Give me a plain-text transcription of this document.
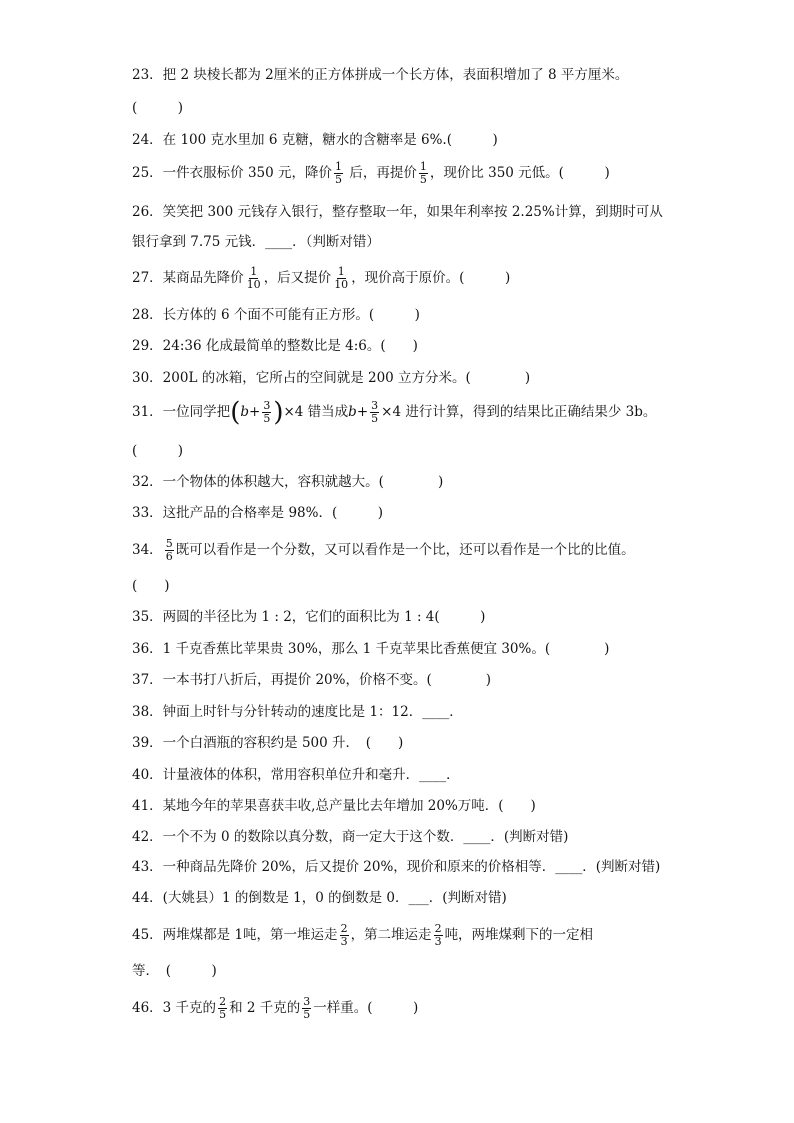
23．把 2 块棱长都为 2厘米的正方体拼成一个长方体，表面积增加了 8 平方厘米。
(　　　)
24．在 100 克水里加 6 克糖，糖水的含糖率是 6%.(　　　)
25．一件衣服标价 350 元，降价 $\frac{1}{5}$ 后，再提价 $\frac{1}{5}$ ，现价比 350 元低。(　　　)
26．笑笑把 300 元钱存入银行，整存整取一年，如果年利率按 2.25%计算，到期时可从
银行拿到 7.75 元钱．____．（判断对错）
27．某商品先降价 $\frac{1}{10}$ ，后又提价 $\frac{1}{10}$ ，现价高于原价。(　　　)
28．长方体的 6 个面不可能有正方形。(　　　)
29．24:36 化成最简单的整数比是 4:6。(　　)
30．200L 的冰箱，它所占的空间就是 200 立方分米。(　　　　)
31．一位同学把$(b+ \frac{3}{5} )\times 4$ 错当成$b+ \frac{3}{5} \times 4$ 进行计算，得到的结果比正确结果少 3b。
(　　　)
32．一个物体的体积越大，容积就越大。(　　　　)
33．这批产品的合格率是 98%．(　　　)
34． $\frac{5}{6}$ 既可以看作是一个分数，又可以看作是一个比，还可以看作是一个比的比值。
(　　)
35．两圆的半径比为 1 : 2，它们的面积比为 1 : 4(　　　)
36．1 千克香蕉比苹果贵 30%，那么 1 千克苹果比香蕉便宜 30%。(　　　　)
37．一本书打八折后，再提价 20%，价格不变。(　　　　)
38．钟面上时针与分针转动的速度比是 1：12．____．
39．一个白酒瓶的容积约是 500 升．　(　　)
40．计量液体的体积，常用容积单位升和毫升．____．
41．某地今年的苹果喜获丰收,总产量比去年增加 20%万吨．(　　)
42．一个不为 0 的数除以真分数，商一定大于这个数．____．(判断对错)
43．一种商品先降价 20%，后又提价 20%，现价和原来的价格相等．____．(判断对错)
44．(大姚县）1 的倒数是 1，0 的倒数是 0．___．(判断对错)
45．两堆煤都是 1吨，第一堆运走 $\frac{2}{3}$ ，第二堆运走 $\frac{2}{3}$ 吨，两堆煤剩下的一定相
等．　(　　　)
46．3 千克的 $\frac{2}{5}$ 和 2 千克的 $\frac{3}{5}$ 一样重。(　　　)
